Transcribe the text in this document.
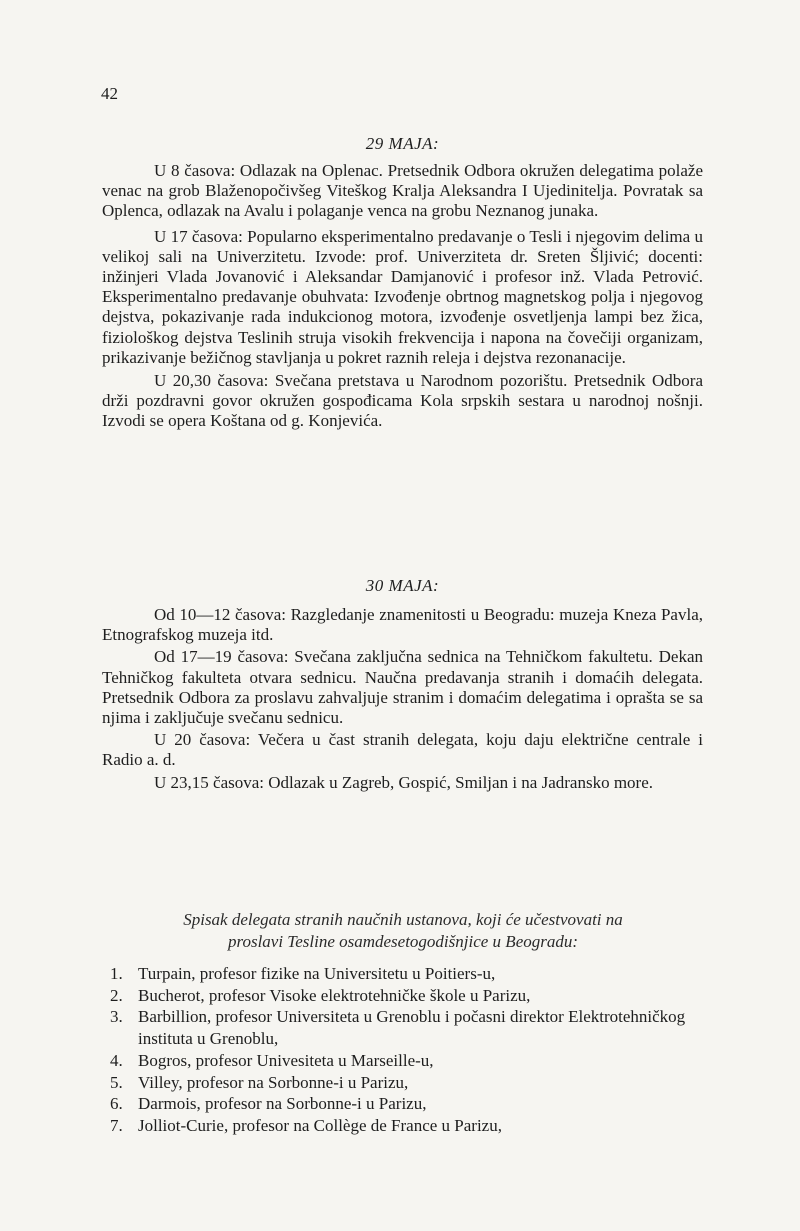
42
29 MAJA:

U 8 časova: Odlazak na Oplenac. Pretsednik Odbora okružen delegatima polaže venac na grob Blaženopočivšeg Viteškog Kralja Aleksandra I Ujedinitelja. Povratak sa Oplenca, odlazak na Avalu i polaganje venca na grobu Neznanog junaka.

U 17 časova: Popularno eksperimentalno predavanje o Tesli i njegovim delima u velikoj sali na Univerzitetu. Izvode: prof. Univerziteta dr. Sreten Šljivić; docenti: inžinjeri Vlada Jovanović i Aleksandar Damjanović i profesor inž. Vlada Petrović. Eksperimentalno predavanje obuhvata: Izvođenje obrtnog magnetskog polja i njegovog dejstva, pokazivanje rada indukcionog motora, izvođenje osvetljenja lampi bez žica, fiziološkog dejstva Teslinih struja visokih frekvencija i napona na čovečiji organizam, prikazivanje bežičnog stavljanja u pokret raznih releja i dejstva rezonanacije.

U 20,30 časova: Svečana pretstava u Narodnom pozorištu. Pretsednik Odbora drži pozdravni govor okružen gospođicama Kola srpskih sestara u narodnoj nošnji. Izvodi se opera Koštana od g. Konjevića.

30 MAJA:

Od 10—12 časova: Razgledanje znamenitosti u Beogradu: muzeja Kneza Pavla, Etnografskog muzeja itd.

Od 17—19 časova: Svečana zaključna sednica na Tehničkom fakultetu. Dekan Tehničkog fakulteta otvara sednicu. Naučna predavanja stranih i domaćih delegata. Pretsednik Odbora za proslavu zahvaljuje stranim i domaćim delegatima i oprašta se sa njima i zaključuje svečanu sednicu.

U 20 časova: Večera u čast stranih delegata, koju daju električne centrale i Radio a. d.

U 23,15 časova: Odlazak u Zagreb, Gospić, Smiljan i na Jadransko more.

Spisak delegata stranih naučnih ustanova, koji će učestvovati na
proslavi Tesline osamdesetogodišnjice u Beogradu:
1. Turpain, profesor fizike na Universitetu u Poitiers-u,
2. Bucherot, profesor Visoke elektrotehničke škole u Parizu,
3. Barbillion, profesor Universiteta u Grenoblu i počasni direktor Elektrotehničkog instituta u Grenoblu,
4. Bogros, profesor Univesiteta u Marseille-u,
5. Villey, profesor na Sorbonne-i u Parizu,
6. Darmois, profesor na Sorbonne-i u Parizu,
7. Jolliot-Curie, profesor na Collège de France u Parizu,
